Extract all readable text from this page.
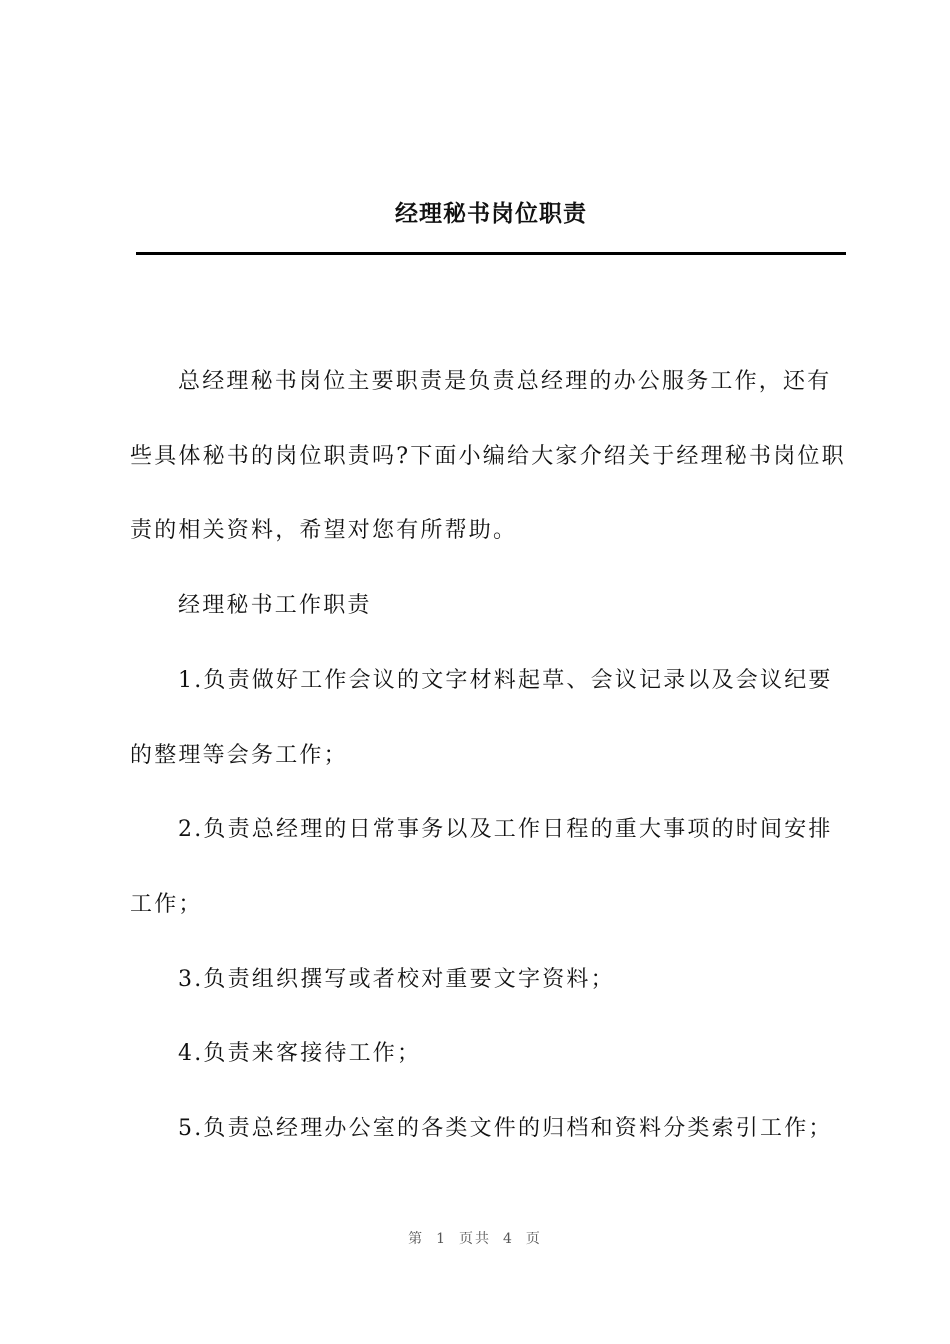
经理秘书岗位职责

总经理秘书岗位主要职责是负责总经理的办公服务工作，还有些具体秘书的岗位职责吗?下面小编给大家介绍关于经理秘书岗位职责的相关资料，希望对您有所帮助。

经理秘书工作职责

1.负责做好工作会议的文字材料起草、会议记录以及会议纪要的整理等会务工作；

2.负责总经理的日常事务以及工作日程的重大事项的时间安排工作；

3.负责组织撰写或者校对重要文字资料；

4.负责来客接待工作；

5.负责总经理办公室的各类文件的归档和资料分类索引工作；

第 1 页共 4 页
